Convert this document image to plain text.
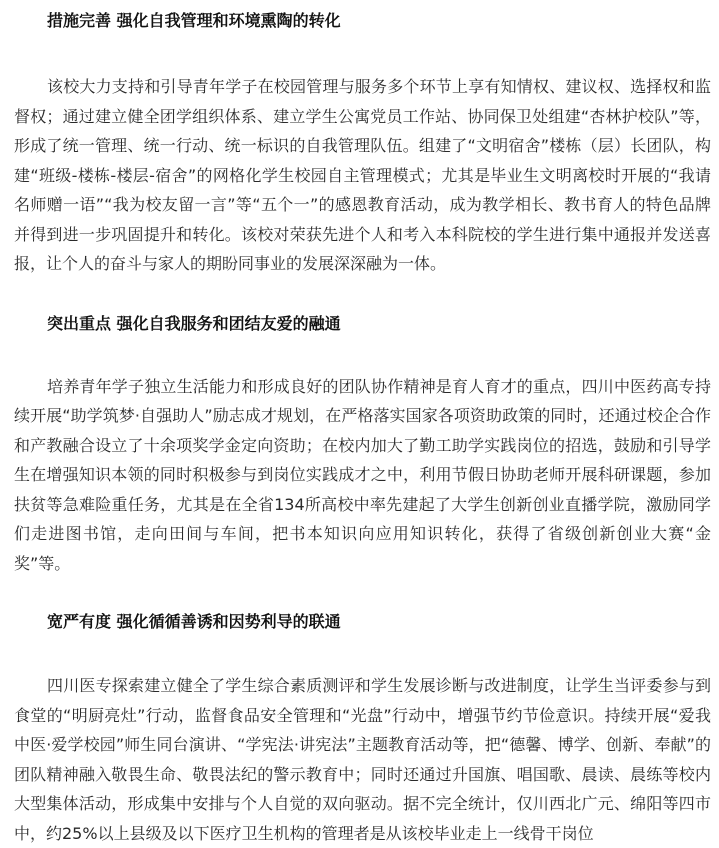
措施完善 强化自我管理和环境熏陶的转化

该校大力支持和引导青年学子在校园管理与服务多个环节上享有知情权、建议权、选择权和监督权；通过建立健全团学组织体系、建立学生公寓党员工作站、协同保卫处组建“杏林护校队”等，形成了统一管理、统一行动、统一标识的自我管理队伍。组建了“文明宿舍”楼栋（层）长团队，构建“班级-楼栋-楼层-宿舍”的网格化学生校园自主管理模式；尤其是毕业生文明离校时开展的“我请名师赠一语”“我为校友留一言”等“五个一”的感恩教育活动，成为教学相长、教书育人的特色品牌并得到进一步巩固提升和转化。该校对荣获先进个人和考入本科院校的学生进行集中通报并发送喜报，让个人的奋斗与家人的期盼同事业的发展深深融为一体。

突出重点 强化自我服务和团结友爱的融通

培养青年学子独立生活能力和形成良好的团队协作精神是育人育才的重点，四川中医药高专持续开展“助学筑梦·自强助人”励志成才规划，在严格落实国家各项资助政策的同时，还通过校企合作和产教融合设立了十余项奖学金定向资助；在校内加大了勤工助学实践岗位的招选，鼓励和引导学生在增强知识本领的同时积极参与到岗位实践成才之中，利用节假日协助老师开展科研课题，参加扶贫等急难险重任务，尤其是在全省134所高校中率先建起了大学生创新创业直播学院，激励同学们走进图书馆，走向田间与车间，把书本知识向应用知识转化，获得了省级创新创业大赛“金奖”等。

宽严有度 强化循循善诱和因势利导的联通

四川医专探索建立健全了学生综合素质测评和学生发展诊断与改进制度，让学生当评委参与到食堂的“明厨亮灶”行动，监督食品安全管理和“光盘”行动中，增强节约节俭意识。持续开展“爱我中医·爱学校园”师生同台演讲、“学宪法·讲宪法”主题教育活动等，把“德馨、博学、创新、奉献”的团队精神融入敬畏生命、敬畏法纪的警示教育中；同时还通过升国旗、唱国歌、晨读、晨练等校内大型集体活动，形成集中安排与个人自觉的双向驱动。据不完全统计，仅川西北广元、绵阳等四市中，约25%以上县级及以下医疗卫生机构的管理者是从该校毕业走上一线骨干岗位
